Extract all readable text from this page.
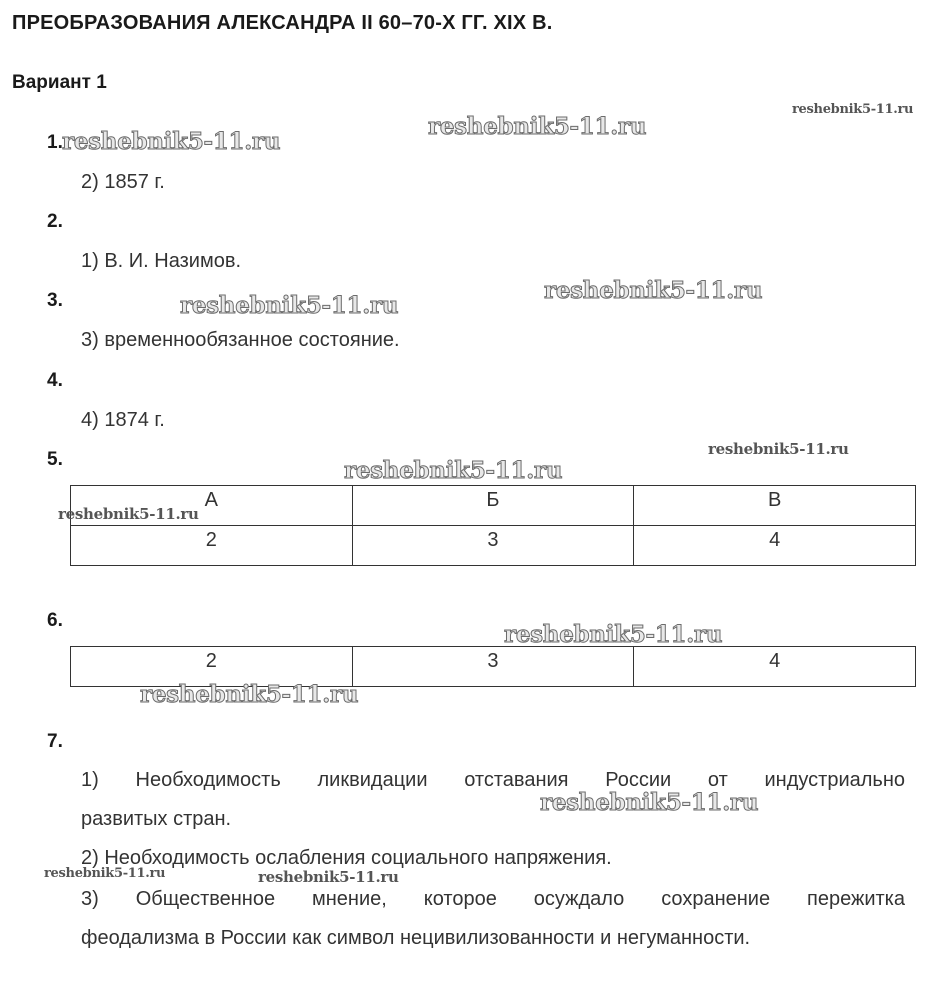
ПРЕОБРАЗОВАНИЯ АЛЕКСАНДРА II 60–70-Х ГГ. XIX В.
Вариант 1
1.
2) 1857 г.
2.
1) В. И. Назимов.
3.
3) временнообязанное состояние.
4.
4) 1874 г.
5.
А	Б	В
2	3	4
6.
2	3	4
7.
1) Необходимость ликвидации отставания России от индустриально
развитых стран.
2) Необходимость ослабления социального напряжения.
3) Общественное мнение, которое осуждало сохранение пережитка
феодализма в России как символ нецивилизованности и негуманности.
reshebnik5-11.ru
reshebnik5-11.ru
reshebnik5-11.ru
reshebnik5-11.ru
reshebnik5-11.ru
reshebnik5-11.ru
reshebnik5-11.ru
reshebnik5-11.ru
reshebnik5-11.ru
reshebnik5-11.ru
reshebnik5-11.ru
reshebnik5-11.ru	reshebnik5-11.ru
